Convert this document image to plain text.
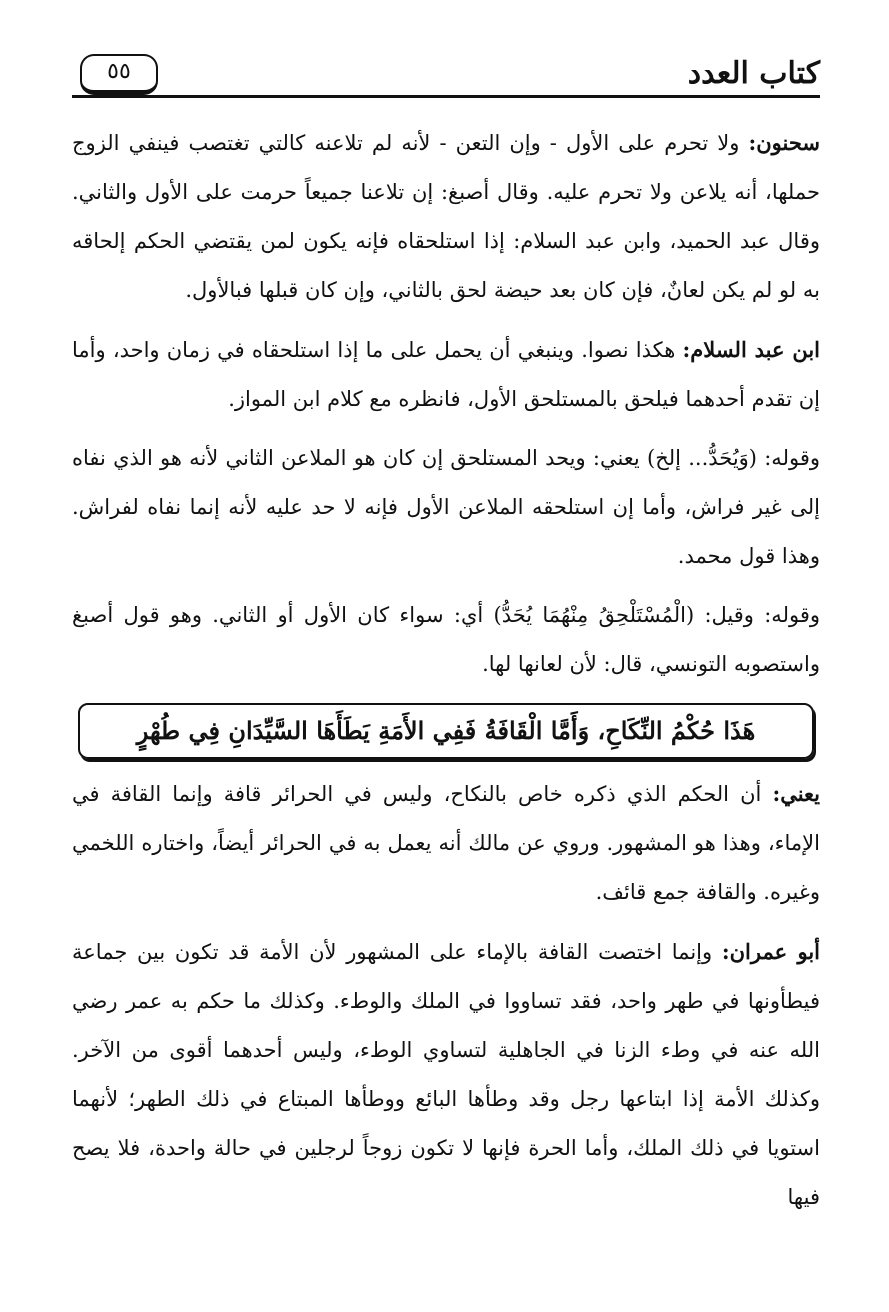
كتاب العدد
٥٥

سحنون: ولا تحرم على الأول - وإن التعن - لأنه لم تلاعنه كالتي تغتصب فينفي الزوج حملها، أنه يلاعن ولا تحرم عليه. وقال أصبغ: إن تلاعنا جميعاً حرمت على الأول والثاني. وقال عبد الحميد، وابن عبد السلام: إذا استلحقاه فإنه يكون لمن يقتضي الحكم إلحاقه به لو لم يكن لعانٌ، فإن كان بعد حيضة لحق بالثاني، وإن كان قبلها فبالأول.

ابن عبد السلام: هكذا نصوا. وينبغي أن يحمل على ما إذا استلحقاه في زمان واحد، وأما إن تقدم أحدهما فيلحق بالمستلحق الأول، فانظره مع كلام ابن المواز.

وقوله: (وَيُحَدُّ... إلخ) يعني: ويحد المستلحق إن كان هو الملاعن الثاني لأنه هو الذي نفاه إلى غير فراش، وأما إن استلحقه الملاعن الأول فإنه لا حد عليه لأنه إنما نفاه لفراش. وهذا قول محمد.

وقوله: وقيل: (الْمُسْتَلْحِقُ مِنْهُمَا يُحَدُّ) أي: سواء كان الأول أو الثاني. وهو قول أصبغ واستصوبه التونسي، قال: لأن لعانها لها.

هَذَا حُكْمُ النِّكَاحِ، وَأَمَّا الْقَافَةُ فَفِي الأَمَةِ يَطَأَهَا السَّيِّدَانِ فِي طُهْرٍ

يعني: أن الحكم الذي ذكره خاص بالنكاح، وليس في الحرائر قافة وإنما القافة في الإماء، وهذا هو المشهور. وروي عن مالك أنه يعمل به في الحرائر أيضاً، واختاره اللخمي وغيره. والقافة جمع قائف.

أبو عمران: وإنما اختصت القافة بالإماء على المشهور لأن الأمة قد تكون بين جماعة فيطأونها في طهر واحد، فقد تساووا في الملك والوطء. وكذلك ما حكم به عمر رضي الله عنه في وطء الزنا في الجاهلية لتساوي الوطء، وليس أحدهما أقوى من الآخر. وكذلك الأمة إذا ابتاعها رجل وقد وطأها البائع ووطأها المبتاع في ذلك الطهر؛ لأنهما استويا في ذلك الملك، وأما الحرة فإنها لا تكون زوجاً لرجلين في حالة واحدة، فلا يصح فيها
